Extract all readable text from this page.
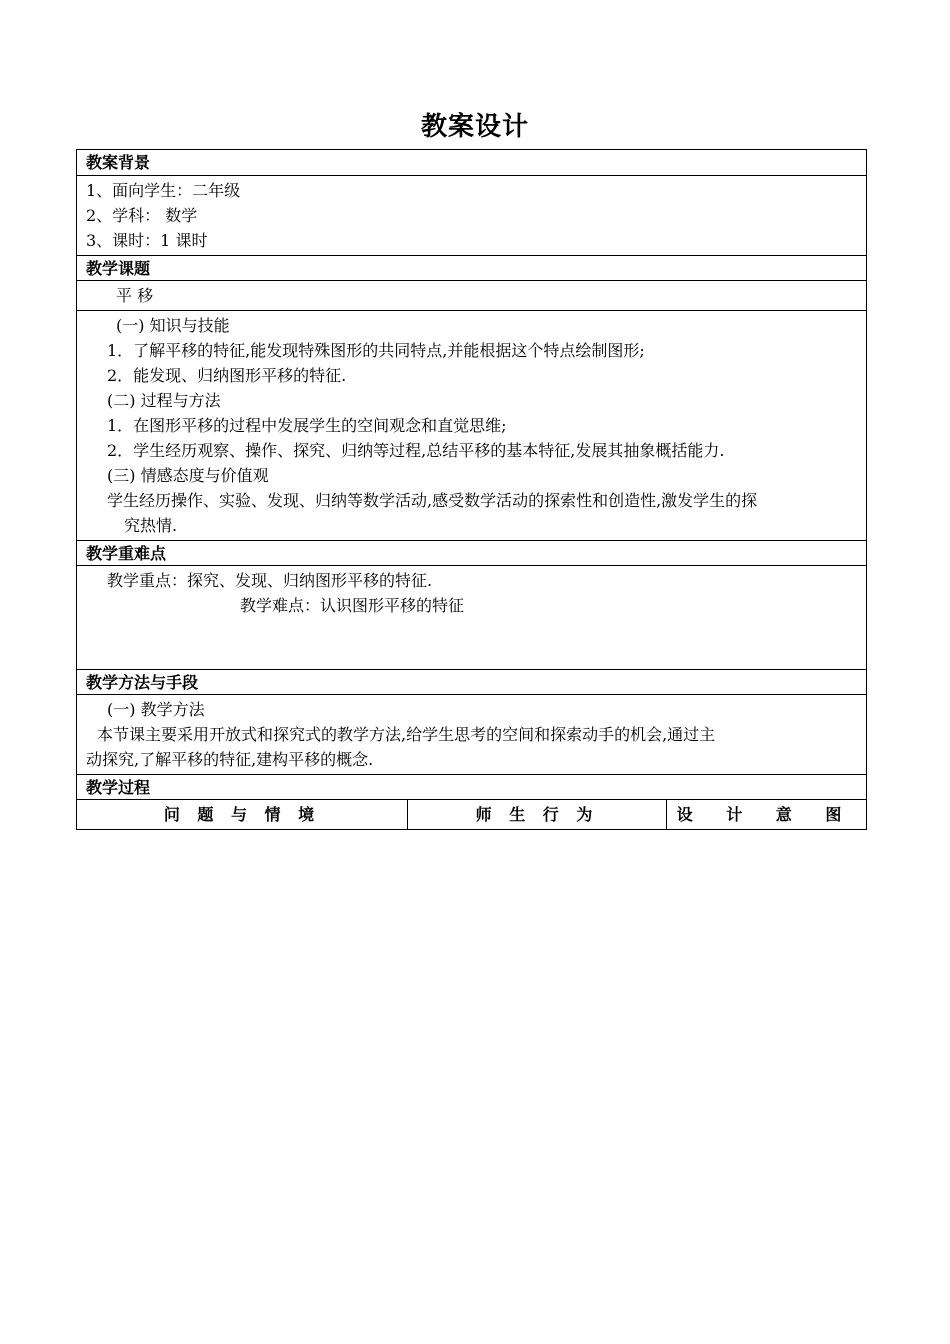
教案设计
教案背景
1、面向学生：二年级
2、学科： 数学
3、课时：1 课时
教学课题
平 移
(一) 知识与技能
1．了解平移的特征,能发现特殊图形的共同特点,并能根据这个特点绘制图形;
2．能发现、归纳图形平移的特征.
(二) 过程与方法
1．在图形平移的过程中发展学生的空间观念和直觉思维;
2．学生经历观察、操作、探究、归纳等过程,总结平移的基本特征,发展其抽象概括能力.
(三) 情感态度与价值观
学生经历操作、实验、发现、归纳等数学活动,感受数学活动的探索性和创造性,激发学生的探
究热情.
教学重难点
教学重点：探究、发现、归纳图形平移的特征.
教学难点：认识图形平移的特征
教学方法与手段
(一) 教学方法
本节课主要采用开放式和探究式的教学方法,给学生思考的空间和探索动手的机会,通过主
动探究,了解平移的特征,建构平移的概念.
教学过程
问 题 与 情 境	师 生 行 为	设 计 意 图
